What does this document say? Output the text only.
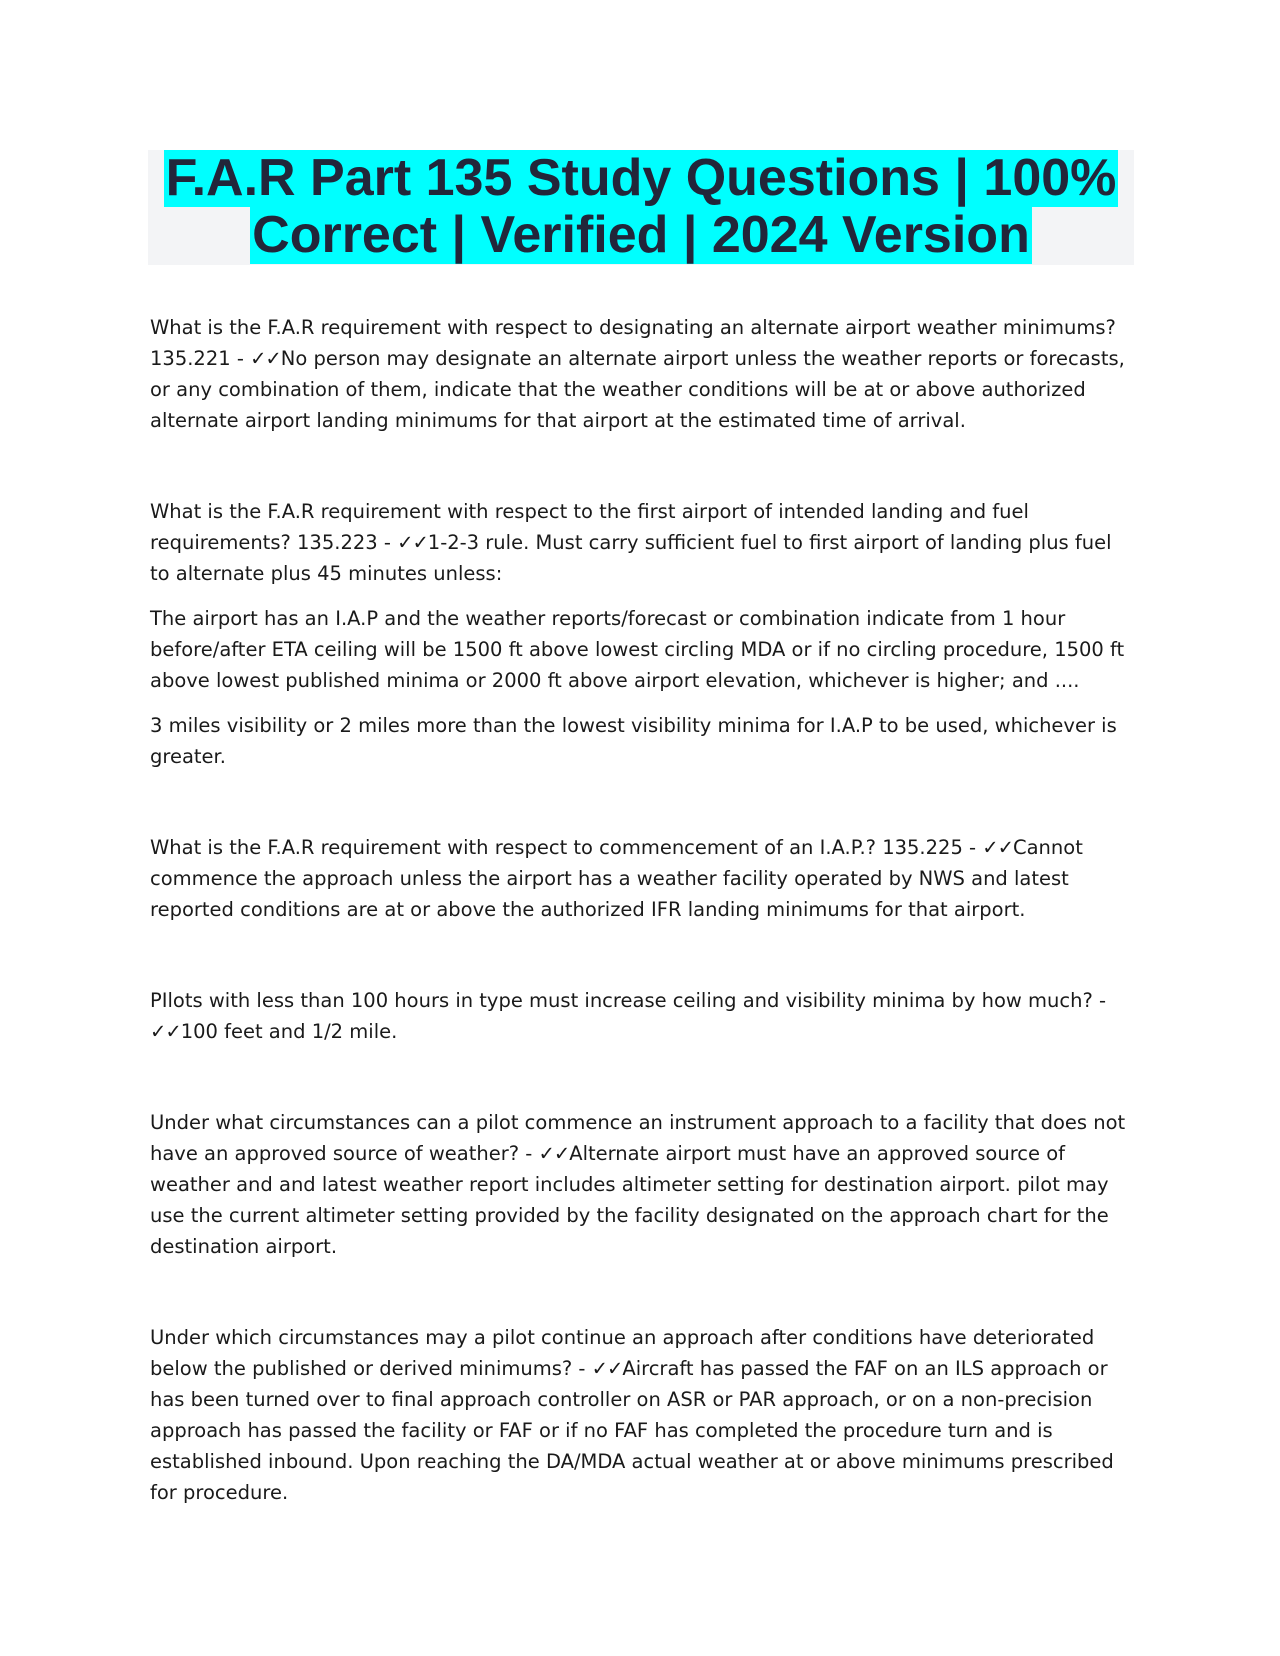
F.A.R Part 135 Study Questions | 100%
Correct | Verified | 2024 Version

What is the F.A.R requirement with respect to designating an alternate airport weather minimums? 135.221 - ✓✓No person may designate an alternate airport unless the weather reports or forecasts, or any combination of them, indicate that the weather conditions will be at or above authorized alternate airport landing minimums for that airport at the estimated time of arrival.

What is the F.A.R requirement with respect to the first airport of intended landing and fuel requirements? 135.223 - ✓✓1-2-3 rule. Must carry sufficient fuel to first airport of landing plus fuel to alternate plus 45 minutes unless:

The airport has an I.A.P and the weather reports/forecast or combination indicate from 1 hour before/after ETA ceiling will be 1500 ft above lowest circling MDA or if no circling procedure, 1500 ft above lowest published minima or 2000 ft above airport elevation, whichever is higher; and ....

3 miles visibility or 2 miles more than the lowest visibility minima for I.A.P to be used, whichever is greater.

What is the F.A.R requirement with respect to commencement of an I.A.P.? 135.225 - ✓✓Cannot commence the approach unless the airport has a weather facility operated by NWS and latest reported conditions are at or above the authorized IFR landing minimums for that airport.

PIlots with less than 100 hours in type must increase ceiling and visibility minima by how much? - ✓✓100 feet and 1/2 mile.

Under what circumstances can a pilot commence an instrument approach to a facility that does not have an approved source of weather? - ✓✓Alternate airport must have an approved source of weather and and latest weather report includes altimeter setting for destination airport. pilot may use the current altimeter setting provided by the facility designated on the approach chart for the destination airport.

Under which circumstances may a pilot continue an approach after conditions have deteriorated below the published or derived minimums? - ✓✓Aircraft has passed the FAF on an ILS approach or has been turned over to final approach controller on ASR or PAR approach, or on a non-precision approach has passed the facility or FAF or if no FAF has completed the procedure turn and is established inbound. Upon reaching the DA/MDA actual weather at or above minimums prescribed for procedure.
